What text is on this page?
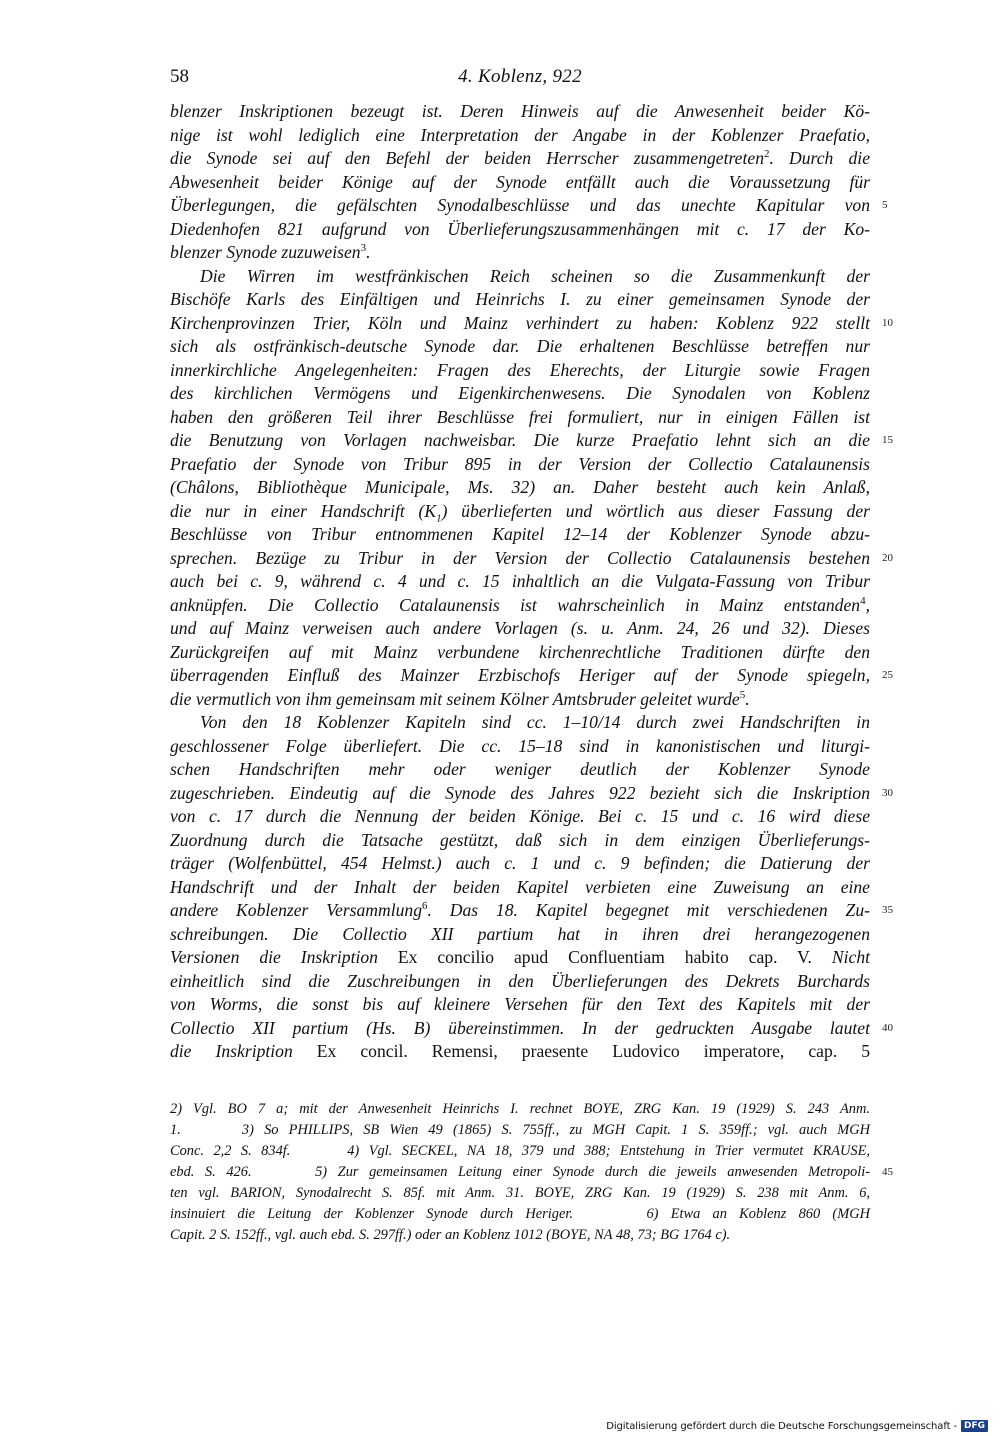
58	4. Koblenz, 922
blenzer Inskriptionen bezeugt ist. Deren Hinweis auf die Anwesenheit beider Kö-
nige ist wohl lediglich eine Interpretation der Angabe in der Koblenzer Praefatio,
die Synode sei auf den Befehl der beiden Herrscher zusammengetreten$^2$. Durch die
Abwesenheit beider Könige auf der Synode entfällt auch die Voraussetzung für
Überlegungen, die gefälschten Synodalbeschlüsse und das unechte Kapitular von 5
Diedenhofen 821 aufgrund von Überlieferungszusammenhängen mit c. 17 der Ko-
blenzer Synode zuzuweisen$^3$.
Die Wirren im westfränkischen Reich scheinen so die Zusammenkunft der
Bischöfe Karls des Einfältigen und Heinrichs I. zu einer gemeinsamen Synode der
Kirchenprovinzen Trier, Köln und Mainz verhindert zu haben: Koblenz 922 stellt 10
sich als ostfränkisch-deutsche Synode dar. Die erhaltenen Beschlüsse betreffen nur
innerkirchliche Angelegenheiten: Fragen des Eherechts, der Liturgie sowie Fragen
des kirchlichen Vermögens und Eigenkirchenwesens. Die Synodalen von Koblenz
haben den größeren Teil ihrer Beschlüsse frei formuliert, nur in einigen Fällen ist
die Benutzung von Vorlagen nachweisbar. Die kurze Praefatio lehnt sich an die 15
Praefatio der Synode von Tribur 895 in der Version der Collectio Catalaunensis
(Châlons, Bibliothèque Municipale, Ms. 32) an. Daher besteht auch kein Anlaß,
die nur in einer Handschrift $(K_1)$ überlieferten und wörtlich aus dieser Fassung der
Beschlüsse von Tribur entnommenen Kapitel 12–14 der Koblenzer Synode abzu-
sprechen. Bezüge zu Tribur in der Version der Collectio Catalaunensis bestehen 20
auch bei c. 9, während c. 4 und c. 15 inhaltlich an die Vulgata-Fassung von Tribur
anknüpfen. Die Collectio Catalaunensis ist wahrscheinlich in Mainz entstanden$^4$,
und auf Mainz verweisen auch andere Vorlagen (s. u. Anm. 24, 26 und 32). Dieses
Zurückgreifen auf mit Mainz verbundene kirchenrechtliche Traditionen dürfte den
überragenden Einfluß des Mainzer Erzbischofs Heriger auf der Synode spiegeln, 25
die vermutlich von ihm gemeinsam mit seinem Kölner Amtsbruder geleitet wurde$^5$.
Von den 18 Koblenzer Kapiteln sind cc. 1–10/14 durch zwei Handschriften in
geschlossener Folge überliefert. Die cc. 15–18 sind in kanonistischen und liturgi-
schen Handschriften mehr oder weniger deutlich der Koblenzer Synode
zugeschrieben. Eindeutig auf die Synode des Jahres 922 bezieht sich die Inskription 30
von c. 17 durch die Nennung der beiden Könige. Bei c. 15 und c. 16 wird diese
Zuordnung durch die Tatsache gestützt, daß sich in dem einzigen Überlieferungs-
träger (Wolfenbüttel, 454 Helmst.) auch c. 1 und c. 9 befinden; die Datierung der
Handschrift und der Inhalt der beiden Kapitel verbieten eine Zuweisung an eine
andere Koblenzer Versammlung$^6$. Das 18. Kapitel begegnet mit verschiedenen Zu- 35
schreibungen. Die Collectio XII partium hat in ihren drei herangezogenen
Versionen die Inskription Ex concilio apud Confluentiam habito cap. V. Nicht
einheitlich sind die Zuschreibungen in den Überlieferungen des Dekrets Burchards
von Worms, die sonst bis auf kleinere Versehen für den Text des Kapitels mit der
Collectio XII partium (Hs. B) übereinstimmen. In der gedruckten Ausgabe lautet 40
die Inskription Ex concil. Remensi, praesente Ludovico imperatore, cap. 5
2) Vgl. BO 7 a; mit der Anwesenheit Heinrichs I. rechnet BOYE, ZRG Kan. 19 (1929) S. 243 Anm.
1.      3) So PHILLIPS, SB Wien 49 (1865) S. 755ff., zu MGH Capit. 1 S. 359ff.; vgl. auch MGH
Conc. 2,2 S. 834f.      4) Vgl. SECKEL, NA 18, 379 und 388; Entstehung in Trier vermutet KRAUSE,
ebd. S. 426.      5) Zur gemeinsamen Leitung einer Synode durch die jeweils anwesenden Metropoli- 45
ten vgl. BARION, Synodalrecht S. 85f. mit Anm. 31. BOYE, ZRG Kan. 19 (1929) S. 238 mit Anm. 6,
insinuiert die Leitung der Koblenzer Synode durch Heriger.      6) Etwa an Koblenz 860 (MGH
Capit. 2 S. 152ff., vgl. auch ebd. S. 297ff.) oder an Koblenz 1012 (BOYE, NA 48, 73; BG 1764 c).
Digitalisierung gefördert durch die Deutsche Forschungsgemeinschaft - DFG
